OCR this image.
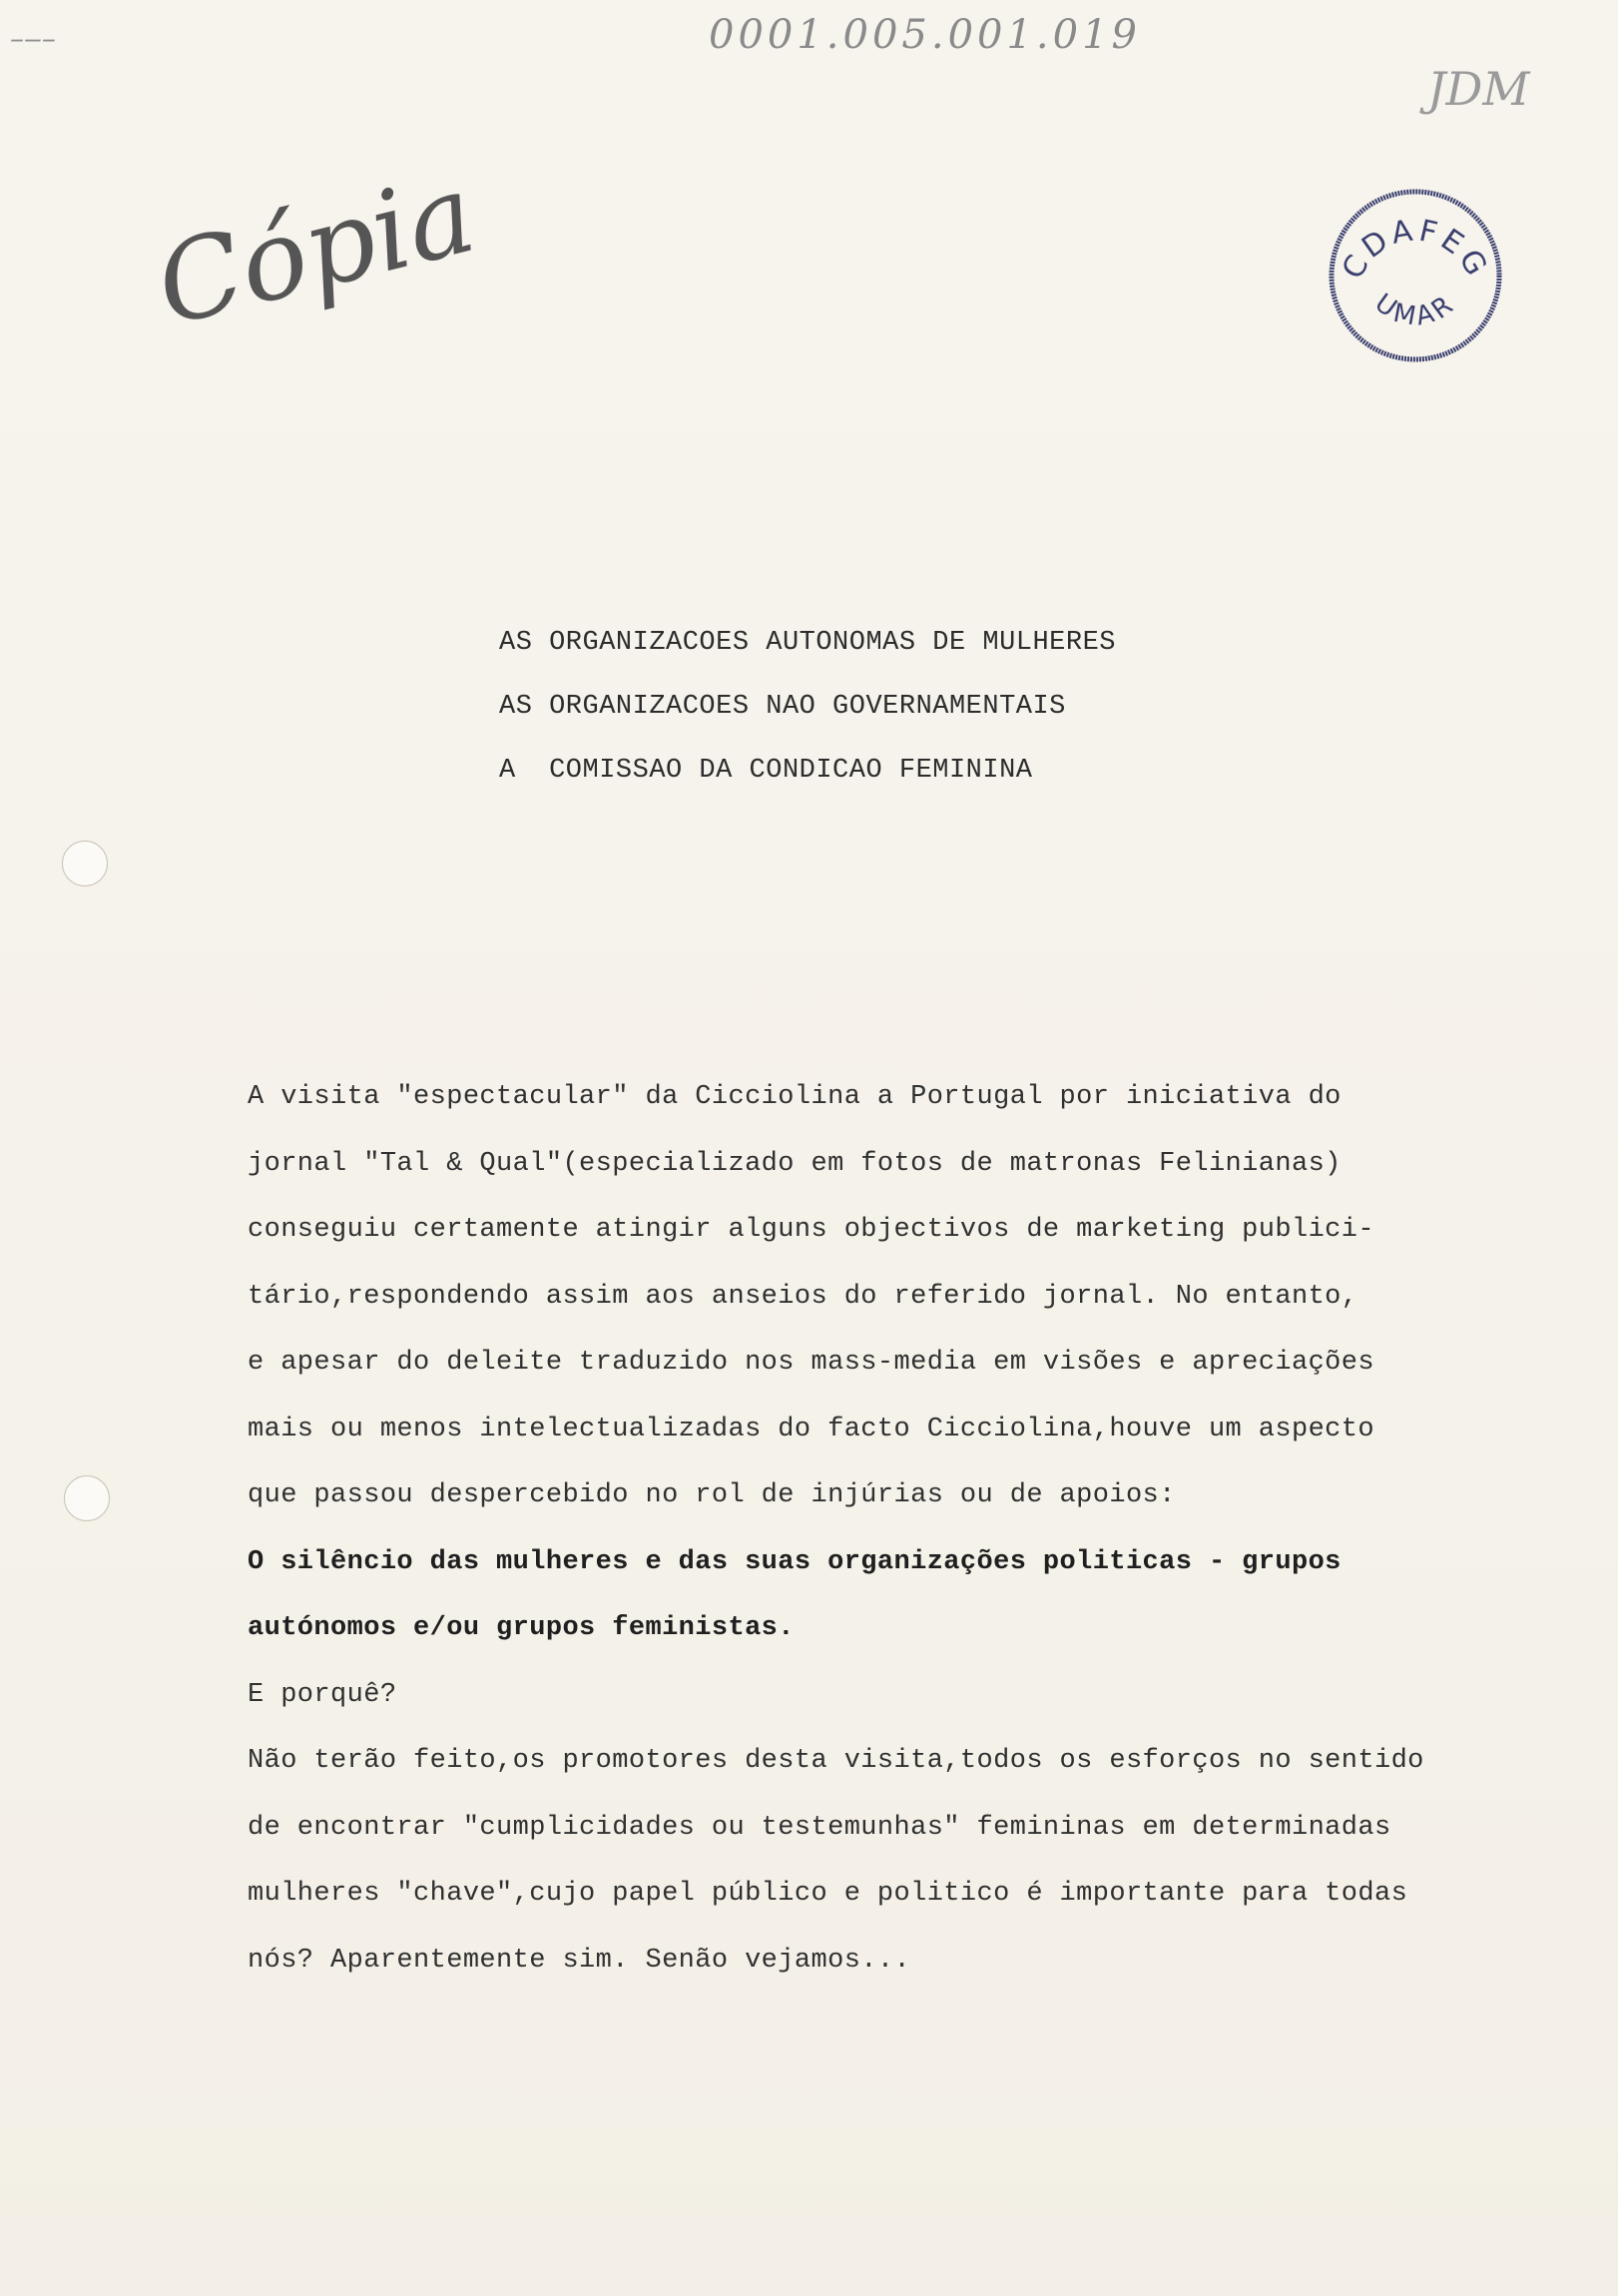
–‒–	0001.005.001.019
JDM
Cópia	CDAFEG
UMAR
AS ORGANIZACOES AUTONOMAS DE MULHERES
AS ORGANIZACOES NAO GOVERNAMENTAIS
A  COMISSAO DA CONDICAO FEMININA
A visita "espectacular" da Cicciolina a Portugal por iniciativa do
jornal "Tal & Qual"(especializado em fotos de matronas Felinianas)
conseguiu certamente atingir alguns objectivos de marketing publici-
tário,respondendo assim aos anseios do referido jornal. No entanto,
e apesar do deleite traduzido nos mass-media em visões e apreciações
mais ou menos intelectualizadas do facto Cicciolina,houve um aspecto
que passou despercebido no rol de injúrias ou de apoios:
O silêncio das mulheres e das suas organizações politicas - grupos
autónomos e/ou grupos feministas.
E porquê?
Não terão feito,os promotores desta visita,todos os esforços no sentido
de encontrar "cumplicidades ou testemunhas" femininas em determinadas
mulheres "chave",cujo papel público e politico é importante para todas
nós? Aparentemente sim. Senão vejamos...
